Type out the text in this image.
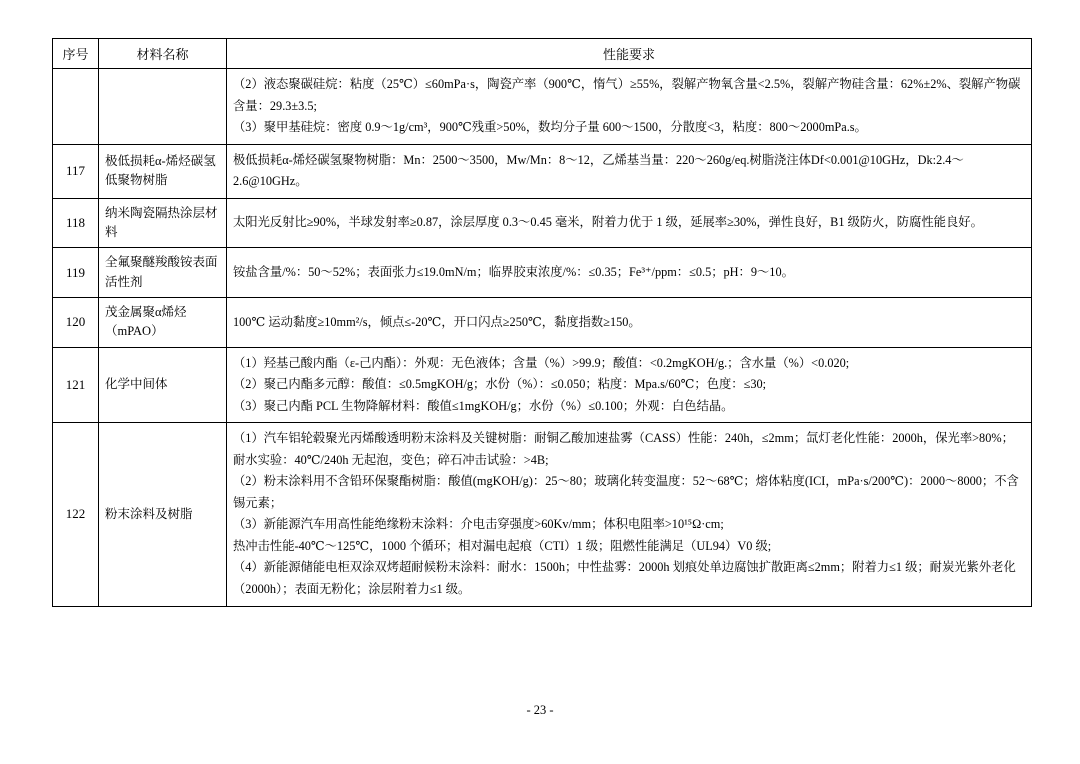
序号	材料名称	性能要求

		（2）液态聚碳硅烷：粘度（25℃）≤60mPa·s，陶瓷产率（900℃，惰气）≥55%，裂解产物氧含量<2.5%，裂解产物硅含量：62%±2%、裂解产物碳含量：29.3±3.5;

（3）聚甲基硅烷：密度 0.9～1g/cm³，900℃残重>50%，数均分子量 600～1500，分散度<3，粘度：800～2000mPa.s。

117	极低损耗α-烯烃碳氢低聚物树脂	极低损耗α-烯烃碳氢聚物树脂：Mn：2500～3500，Mw/Mn：8～12，乙烯基当量：220～260g/eq.树脂浇注体Df<0.001@10GHz，Dk:2.4～2.6@10GHz。

118	纳米陶瓷隔热涂层材料	太阳光反射比≥90%，半球发射率≥0.87，涂层厚度 0.3～0.45 毫米，附着力优于 1 级，延展率≥30%，弹性良好，B1 级防火，防腐性能良好。

119	全氟聚醚羧酸铵表面活性剂	铵盐含量/%：50～52%；表面张力≤19.0mN/m；临界胶束浓度/%：≤0.35；Fe³⁺/ppm：≤0.5；pH：9～10。

120	茂金属聚α烯烃（mPAO）	100℃ 运动黏度≥10mm²/s，倾点≤-20℃，开口闪点≥250℃，黏度指数≥150。

121	化学中间体	（1）羟基己酸内酯（ε-己内酯）：外观：无色液体；含量（%）>99.9；酸值：<0.2mgKOH/g.；含水量（%）<0.020;

（2）聚己内酯多元醇：酸值：≤0.5mgKOH/g；水份（%）：≤0.050；粘度：Mpa.s/60℃；色度：≤30;

（3）聚己内酯 PCL 生物降解材料：酸值≤1mgKOH/g；水份（%）≤0.100；外观：白色结晶。

122	粉末涂料及树脂	（1）汽车铝轮毂聚光丙烯酸透明粉末涂料及关键树脂：耐铜乙酸加速盐雾（CASS）性能：240h，≤2mm；氙灯老化性能：2000h，保光率>80%；耐水实验：40℃/240h 无起泡，变色；碎石冲击试验：>4B;

（2）粉末涂料用不含铅环保聚酯树脂：酸值(mgKOH/g)：25～80；玻璃化转变温度：52～68℃；熔体粘度(ICI，mPa·s/200℃)：2000～8000；不含锡元素；

（3）新能源汽车用高性能绝缘粉末涂料：介电击穿强度>60Kv/mm；体积电阻率>10¹⁵Ω·cm;

热冲击性能-40℃～125℃，1000 个循环；相对漏电起痕（CTI）1 级；阻燃性能满足（UL94）V0 级;

（4）新能源储能电柜双涂双烤超耐候粉末涂料：耐水：1500h；中性盐雾：2000h 划痕处单边腐蚀扩散距离≤2mm；附着力≤1 级；耐炭光紫外老化（2000h）；表面无粉化；涂层附着力≤1 级。

- 23 -
